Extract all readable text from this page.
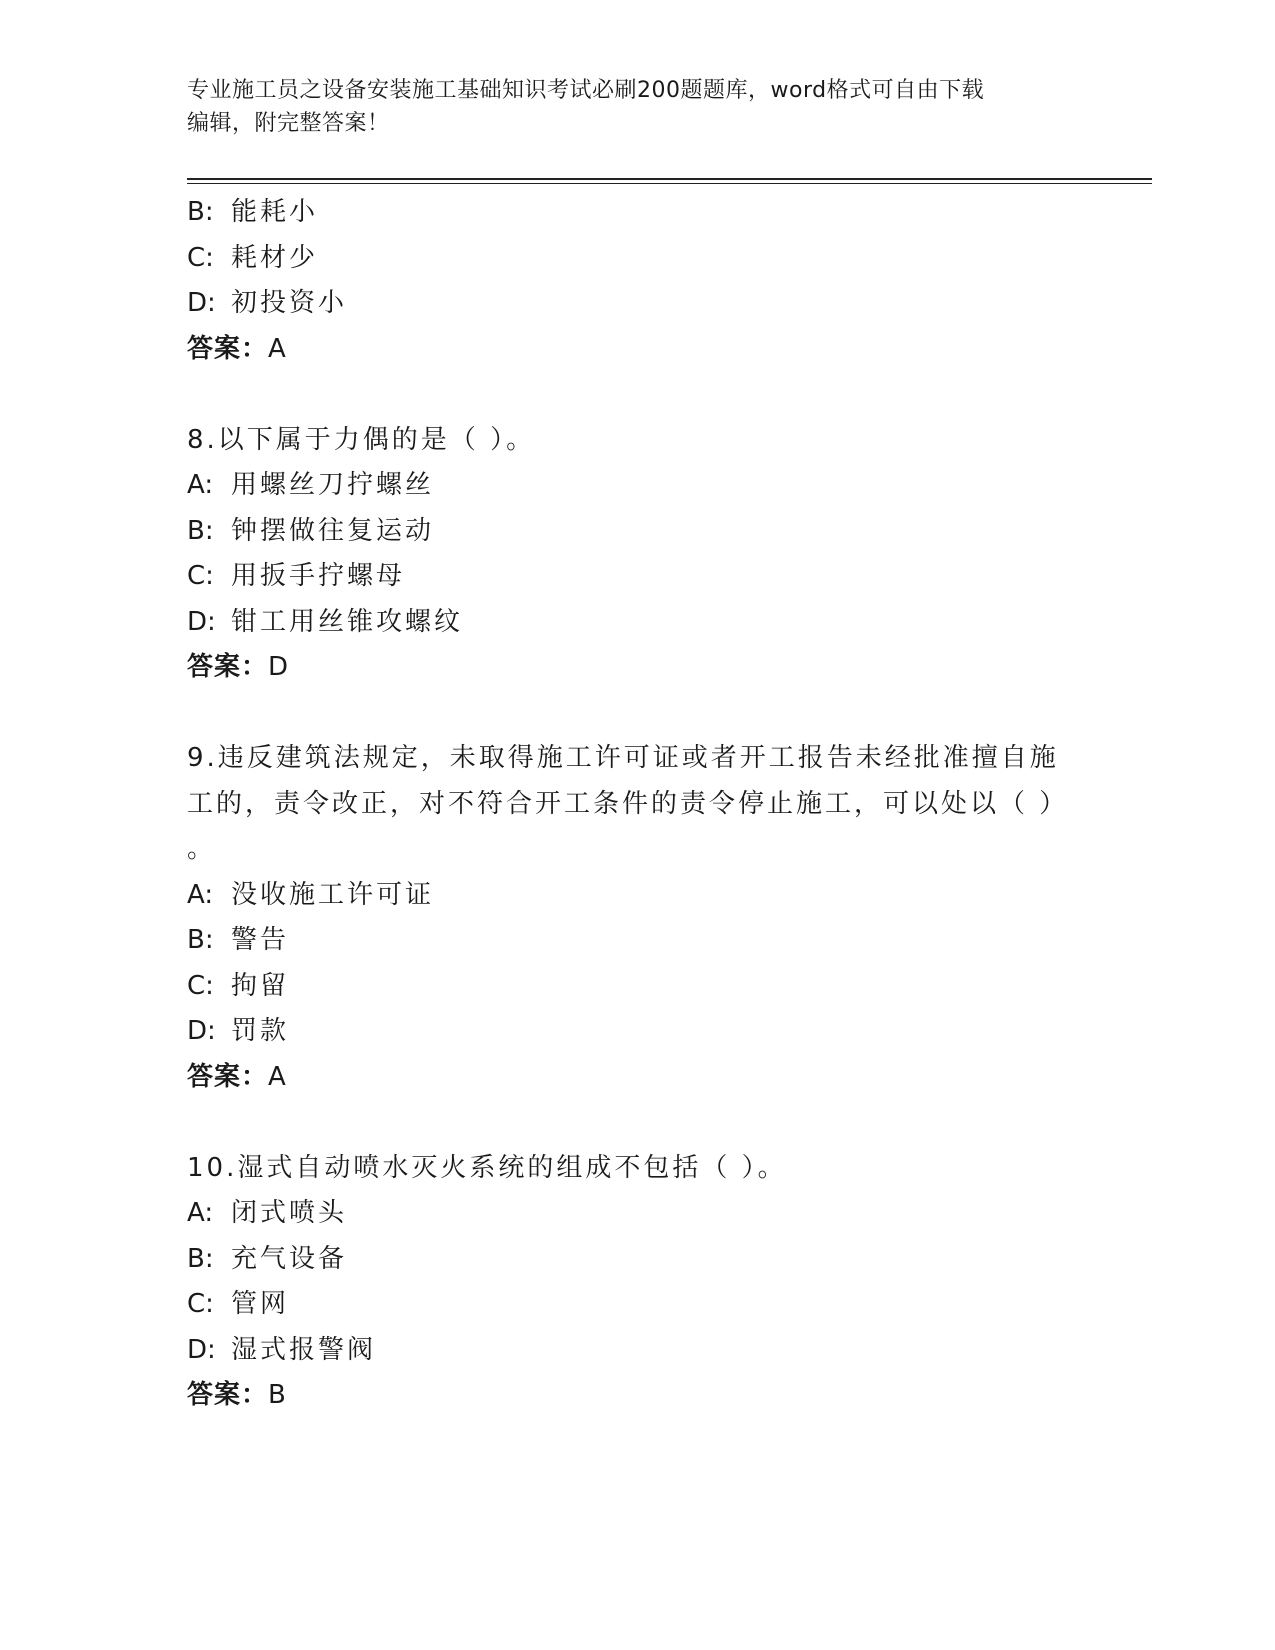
专业施工员之设备安装施工基础知识考试必刷200题题库，word格式可自由下载
编辑，附完整答案！
B: 能耗小
C: 耗材少
D: 初投资小
答案：A
8.以下属于力偶的是（ ）。
A: 用螺丝刀拧螺丝
B: 钟摆做往复运动
C: 用扳手拧螺母
D: 钳工用丝锥攻螺纹
答案：D
9.违反建筑法规定，未取得施工许可证或者开工报告未经批准擅自施
工的，责令改正，对不符合开工条件的责令停止施工，可以处以（ ）
。
A: 没收施工许可证
B: 警告
C: 拘留
D: 罚款
答案：A
10.湿式自动喷水灭火系统的组成不包括（ ）。
A: 闭式喷头
B: 充气设备
C: 管网
D: 湿式报警阀
答案：B
